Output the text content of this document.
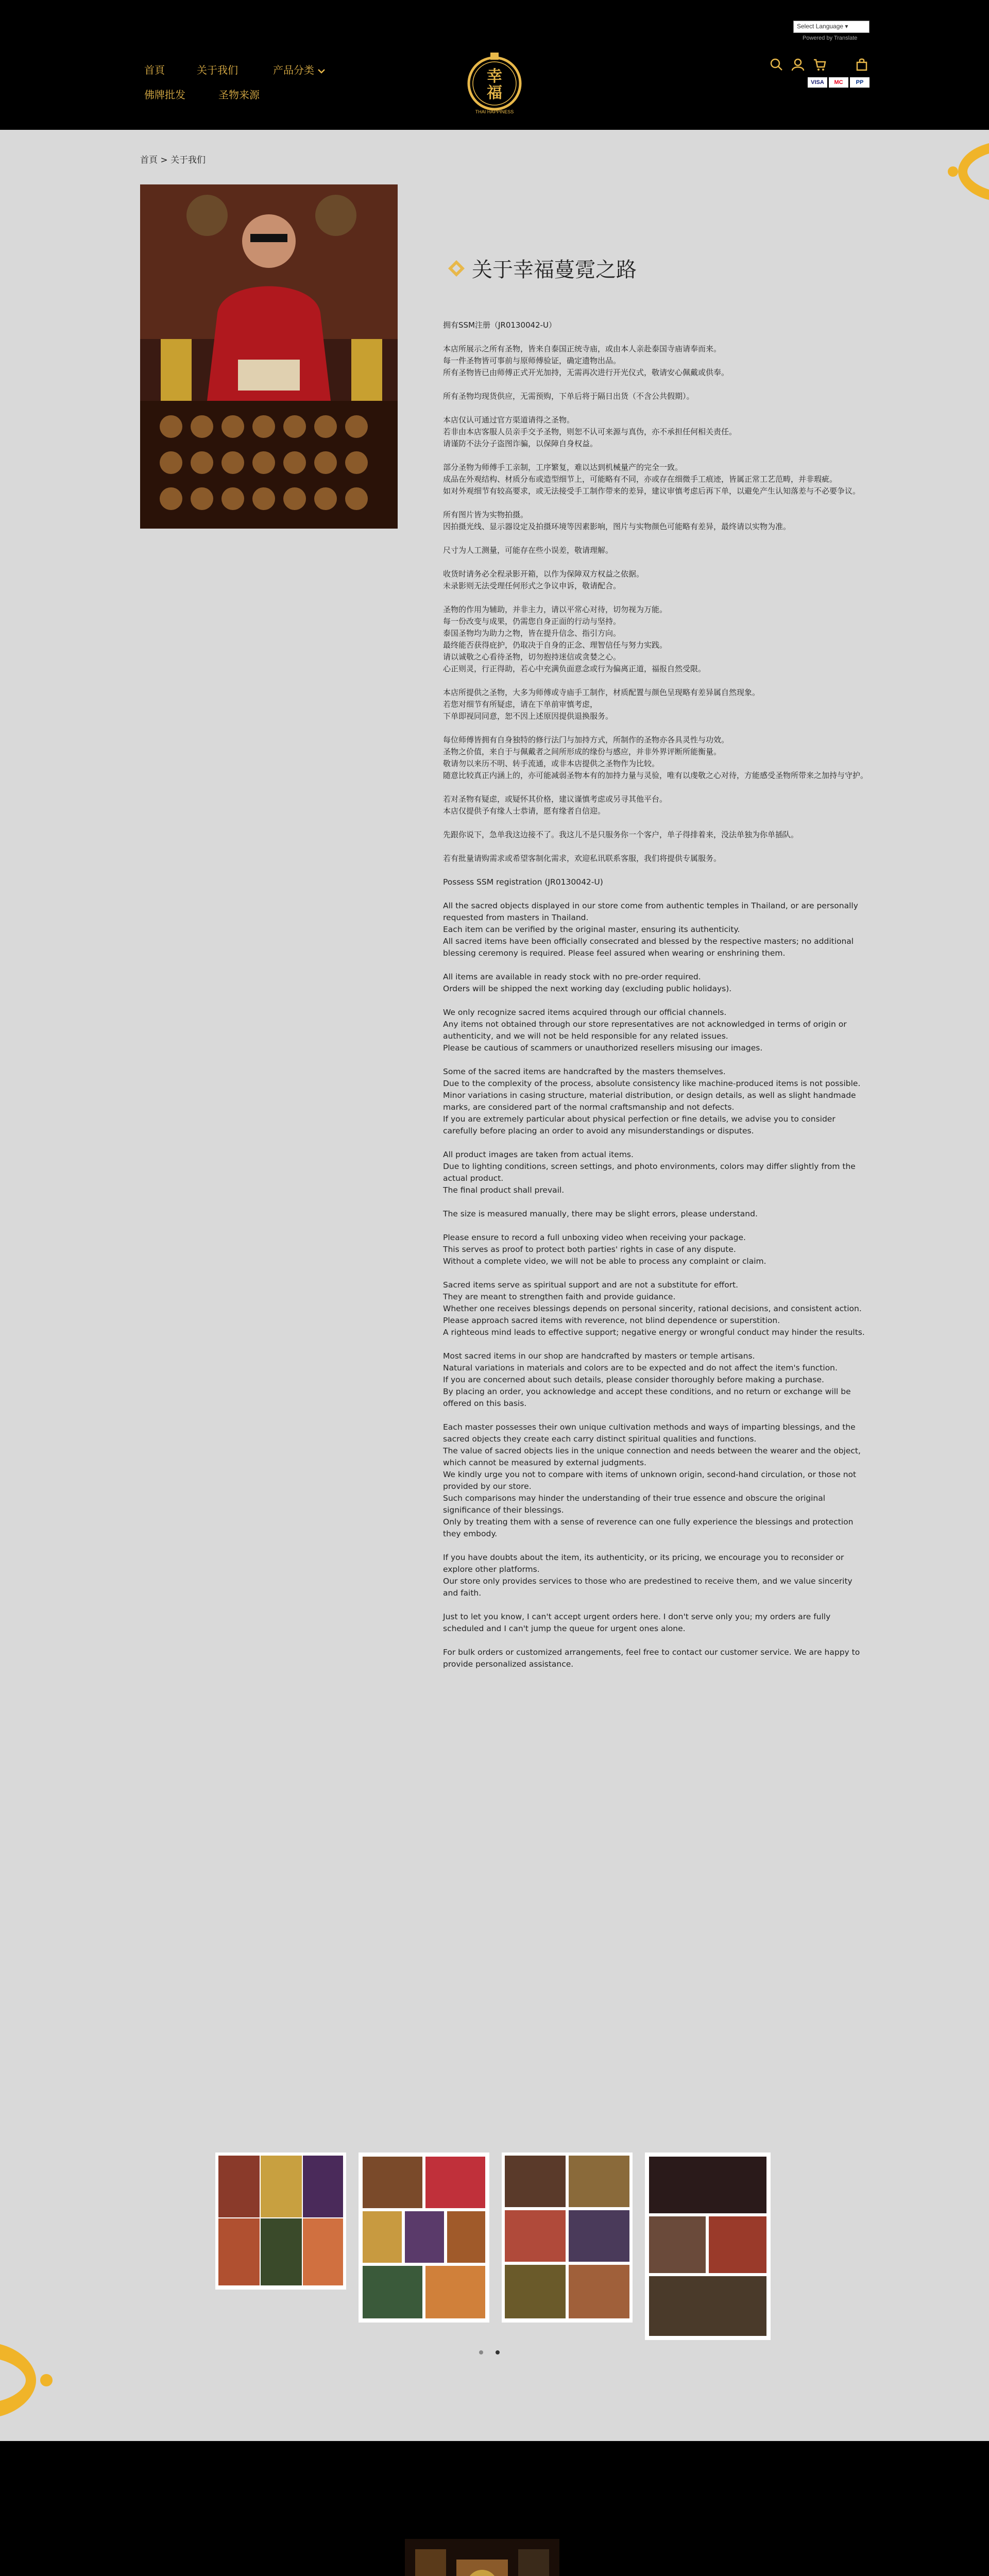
首頁	关于我们	产品分类
佛牌批发	圣物来源
幸
福
THAI HAPPINESS
Select Language ▾
Powered by Translate
VISA	MC	PP
首頁 > 关于我们
关于幸福蔓霓之路

拥有SSM注册（JR0130042-U）

本店所展示之所有圣物，皆来自泰国正统寺庙，或由本人亲赴泰国寺庙请奉而来。
每一件圣物皆可事前与原师傅验证，确定遗物出品。
所有圣物皆已由师傅正式开光加持，无需再次进行开光仪式，敬请安心佩戴或供奉。

所有圣物均现货供应，无需预购，下单后将于隔日出货（不含公共假期）。

本店仅认可通过官方渠道请得之圣物。
若非由本店客服人员亲手交予圣物，则恕不认可来源与真伪，亦不承担任何相关责任。
请谨防不法分子盗图诈骗，以保障自身权益。

部分圣物为师傅手工亲制，工序繁复，难以达到机械量产的完全一致。
成品在外观结构、材质分布或造型细节上，可能略有不同，亦或存在细微手工痕迹，皆属正常工艺范畴，并非瑕疵。
如对外观细节有较高要求，或无法接受手工制作带来的差异，建议审慎考虑后再下单，以避免产生认知落差与不必要争议。

所有图片皆为实物拍摄。
因拍摄光线、显示器设定及拍摄环境等因素影响，图片与实物颜色可能略有差异，最终请以实物为准。

尺寸为人工测量，可能存在些小误差，敬请理解。

收货时请务必全程录影开箱，以作为保障双方权益之依据。
未录影则无法受理任何形式之争议申诉，敬请配合。

圣物的作用为辅助，并非主力，请以平常心对待，切勿视为万能。
每一份改变与成果，仍需您自身正面的行动与坚持。
泰国圣物均为助力之物，皆在提升信念、指引方向。
最终能否获得庇护，仍取决于自身的正念、理智信任与努力实践。
请以诚敬之心看待圣物，切勿抱持迷信或贪婪之心。
心正则灵，行正得助，若心中充满负面意念或行为偏离正道，福报自然受限。

本店所提供之圣物，大多为师傅或寺庙手工制作，材质配置与颜色呈现略有差异属自然现象。
若您对细节有所疑虑，请在下单前审慎考虑，
下单即视同同意，恕不因上述原因提供退换服务。

每位师傅皆拥有自身独特的修行法门与加持方式，所制作的圣物亦各具灵性与功效。
圣物之价值，来自于与佩戴者之间所形成的缘份与感应，并非外界评断所能衡量。
敬请勿以来历不明、转手流通，或非本店提供之圣物作为比较。
随意比较真正内涵上的，亦可能减弱圣物本有的加持力量与灵验，唯有以虔敬之心对待，方能感受圣物所带来之加持与守护。

若对圣物有疑虑，或疑怀其价格，建议谨慎考虑或另寻其他平台。
本店仅提供予有缘人士恭请，愿有缘者自信迎。

先跟你说下，急单我这边接不了。我这儿不是只服务你一个客户，单子得排着来，没法单独为你单插队。

若有批量请购需求或希望客制化需求，欢迎私讯联系客服，我们将提供专属服务。

Possess SSM registration (JR0130042-U)

All the sacred objects displayed in our store come from authentic temples in Thailand, or are personally requested from masters in Thailand.
Each item can be verified by the original master, ensuring its authenticity.
All sacred items have been officially consecrated and blessed by the respective masters; no additional blessing ceremony is required. Please feel assured when wearing or enshrining them.

All items are available in ready stock with no pre-order required.
Orders will be shipped the next working day (excluding public holidays).

We only recognize sacred items acquired through our official channels.
Any items not obtained through our store representatives are not acknowledged in terms of origin or authenticity, and we will not be held responsible for any related issues.
Please be cautious of scammers or unauthorized resellers misusing our images.

Some of the sacred items are handcrafted by the masters themselves.
Due to the complexity of the process, absolute consistency like machine-produced items is not possible.
Minor variations in casing structure, material distribution, or design details, as well as slight handmade marks, are considered part of the normal craftsmanship and not defects.
If you are extremely particular about physical perfection or fine details, we advise you to consider carefully before placing an order to avoid any misunderstandings or disputes.

All product images are taken from actual items.
Due to lighting conditions, screen settings, and photo environments, colors may differ slightly from the actual product.
The final product shall prevail.

The size is measured manually, there may be slight errors, please understand.

Please ensure to record a full unboxing video when receiving your package.
This serves as proof to protect both parties' rights in case of any dispute.
Without a complete video, we will not be able to process any complaint or claim.

Sacred items serve as spiritual support and are not a substitute for effort.
They are meant to strengthen faith and provide guidance.
Whether one receives blessings depends on personal sincerity, rational decisions, and consistent action.
Please approach sacred items with reverence, not blind dependence or superstition.
A righteous mind leads to effective support; negative energy or wrongful conduct may hinder the results.

Most sacred items in our shop are handcrafted by masters or temple artisans.
Natural variations in materials and colors are to be expected and do not affect the item's function.
If you are concerned about such details, please consider thoroughly before making a purchase.
By placing an order, you acknowledge and accept these conditions, and no return or exchange will be offered on this basis.

Each master possesses their own unique cultivation methods and ways of imparting blessings, and the sacred objects they create each carry distinct spiritual qualities and functions.
The value of sacred objects lies in the unique connection and needs between the wearer and the object, which cannot be measured by external judgments.
We kindly urge you not to compare with items of unknown origin, second-hand circulation, or those not provided by our store.
Such comparisons may hinder the understanding of their true essence and obscure the original significance of their blessings.
Only by treating them with a sense of reverence can one fully experience the blessings and protection they embody.

If you have doubts about the item, its authenticity, or its pricing, we encourage you to reconsider or explore other platforms.
Our store only provides services to those who are predestined to receive them, and we value sincerity and faith.

Just to let you know, I can't accept urgent orders here. I don't serve only you; my orders are fully scheduled and I can't jump the queue for urgent ones alone.

For bulk orders or customized arrangements, feel free to contact our customer service. We are happy to provide personalized assistance.
